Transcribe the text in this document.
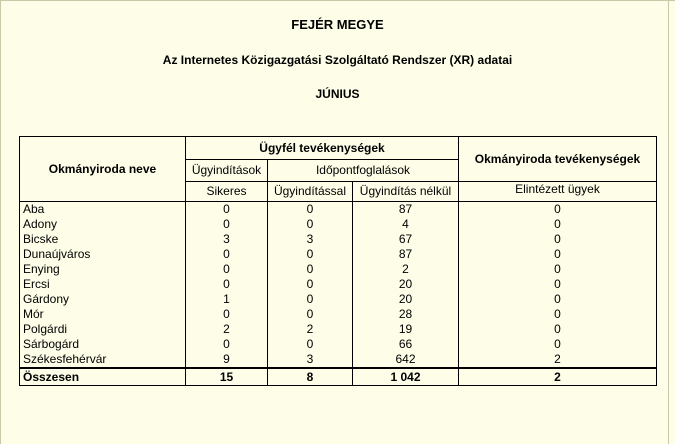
FEJÉR MEGYE
Az Internetes Közigazgatási Szolgáltató Rendszer (XR) adatai
JÚNIUS
Okmányiroda neve	Ügyfél tevékenységek			Okmányiroda tevékenységek
	Ügyindítások	Időpontfoglalások		
	Sikeres	Ügyindítással	Ügyindítás nélkül	Elintézett ügyek
Aba	0	0	87	0
Adony	0	0	4	0
Bicske	3	3	67	0
Dunaújváros	0	0	87	0
Enying	0	0	2	0
Ercsi	0	0	20	0
Gárdony	1	0	20	0
Mór	0	0	28	0
Polgárdi	2	2	19	0
Sárbogárd	0	0	66	0
Székesfehérvár	9	3	642	2
Összesen	15	8	1 042	2
